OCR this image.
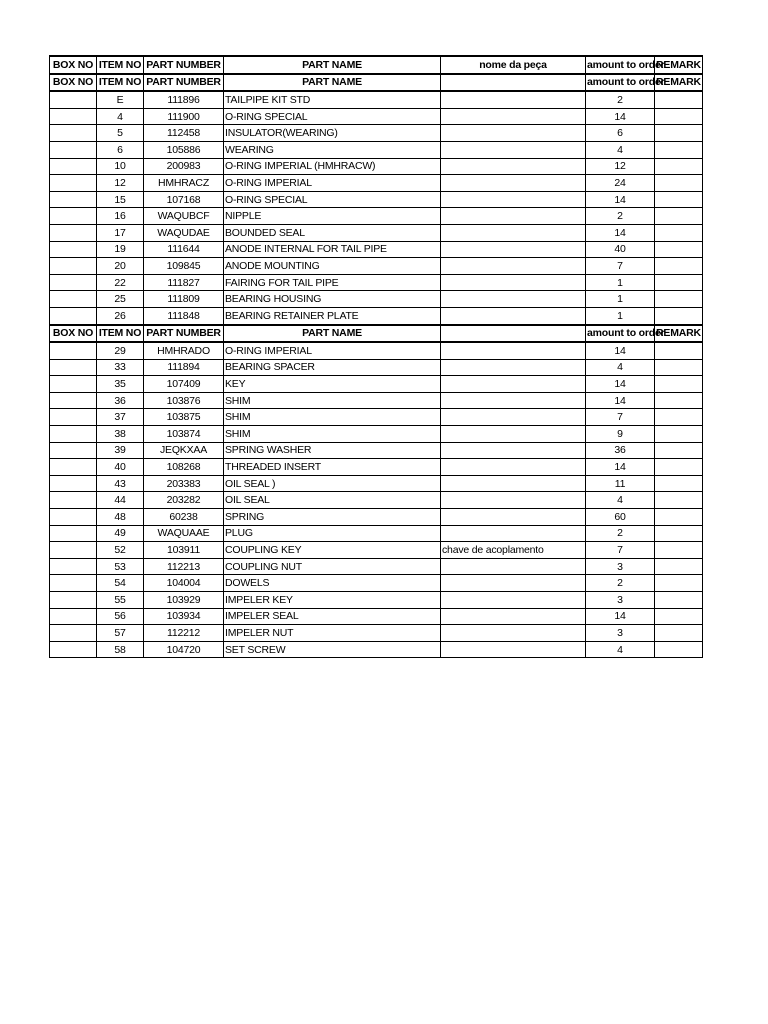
BOX NO	ITEM NO	PART NUMBER	PART NAME	nome da peça	amount to order	REMARK
BOX NO	ITEM NO	PART NUMBER	PART NAME		amount to order	REMARK
	E	111896	TAILPIPE KIT STD		2	
	4	111900	O-RING SPECIAL		14	
	5	112458	INSULATOR(WEARING)		6	
	6	105886	WEARING		4	
	10	200983	O-RING IMPERIAL (HMHRACW)		12	
	12	HMHRACZ	O-RING IMPERIAL		24	
	15	107168	O-RING SPECIAL		14	
	16	WAQUBCF	NIPPLE		2	
	17	WAQUDAE	BOUNDED SEAL		14	
	19	111644	ANODE INTERNAL FOR TAIL PIPE		40	
	20	109845	ANODE MOUNTING		7	
	22	111827	FAIRING FOR TAIL PIPE		1	
	25	111809	BEARING HOUSING		1	
	26	111848	BEARING RETAINER PLATE		1	
BOX NO	ITEM NO	PART NUMBER	PART NAME		amount to order	REMARK
	29	HMHRADO	O-RING IMPERIAL		14	
	33	111894	BEARING SPACER		4	
	35	107409	KEY		14	
	36	103876	SHIM		14	
	37	103875	SHIM		7	
	38	103874	SHIM		9	
	39	JEQKXAA	SPRING WASHER		36	
	40	108268	THREADED INSERT		14	
	43	203383	OIL SEAL )		11	
	44	203282	OIL SEAL		4	
	48	60238	SPRING		60	
	49	WAQUAAE	PLUG		2	
	52	103911	COUPLING KEY	chave de acoplamento	7	
	53	112213	COUPLING NUT		3	
	54	104004	DOWELS		2	
	55	103929	IMPELER KEY		3	
	56	103934	IMPELER SEAL		14	
	57	112212	IMPELER NUT		3	
	58	104720	SET SCREW		4	
